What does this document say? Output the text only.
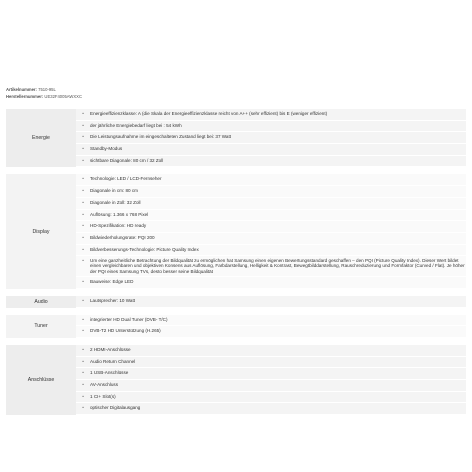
Artikelnummer: 7510-95L
Herstellernummer: UE32F4005AWXXC
Energie
•	Energieeffizienzklasse: A (die Skala der Energieeffizienzklasse reicht von A++ (sehr effizient) bis E (weniger effizient)
•	der jährliche Energiebedarf liegt bei : 54 kWh
•	Die Leistungsaufnahme im eingeschalteten Zustand liegt bei: 37 Watt
•	Standby-Modus
•	sichtbare Diagonale: 80 cm / 32 Zoll
Display
•	Technologie: LED / LCD-Fernseher
•	Diagonale in cm: 80 cm
•	Diagonale in Zoll: 32 Zoll
•	Auflösung: 1.366 x 768 Pixel
•	HD-Spezifikation: HD ready
•	Bildwiederholungsrate: PQI 200
•	Bildverbesserungs-Technologie: Picture Quality Index
•	Um eine ganzheitliche Betrachtung der Bildqualität zu ermöglichen hat Samsung einen eigenen Bewertungsstandard geschaffen – den PQI (Picture Quality Index). Dieser Wert bildet einen vergleichbaren und objektiven Konsens aus Auflösung, Farbdarstellung, Helligkeit & Kontrast, Bewegtbilddarstellung, Rauschreduzierung und Formfaktor (Curved / Flat). Je höher der PQI eines Samsung TVs, desto besser seine Bildqualität
•	Bauweise: Edge LED
Audio	•	Lautsprecher: 10 Watt
Tuner
•	integrierter HD Dual Tuner (DVB- T/C)
•	DVB-T2 HD Unterstützung (H.265)
Anschlüsse
•	2 HDMI-Anschlüsse
•	Audio Return Channel
•	1 USB-Anschlüsse
•	AV-Anschluss
•	1 CI+ Slot(s)
•	optischer Digitalausgang
